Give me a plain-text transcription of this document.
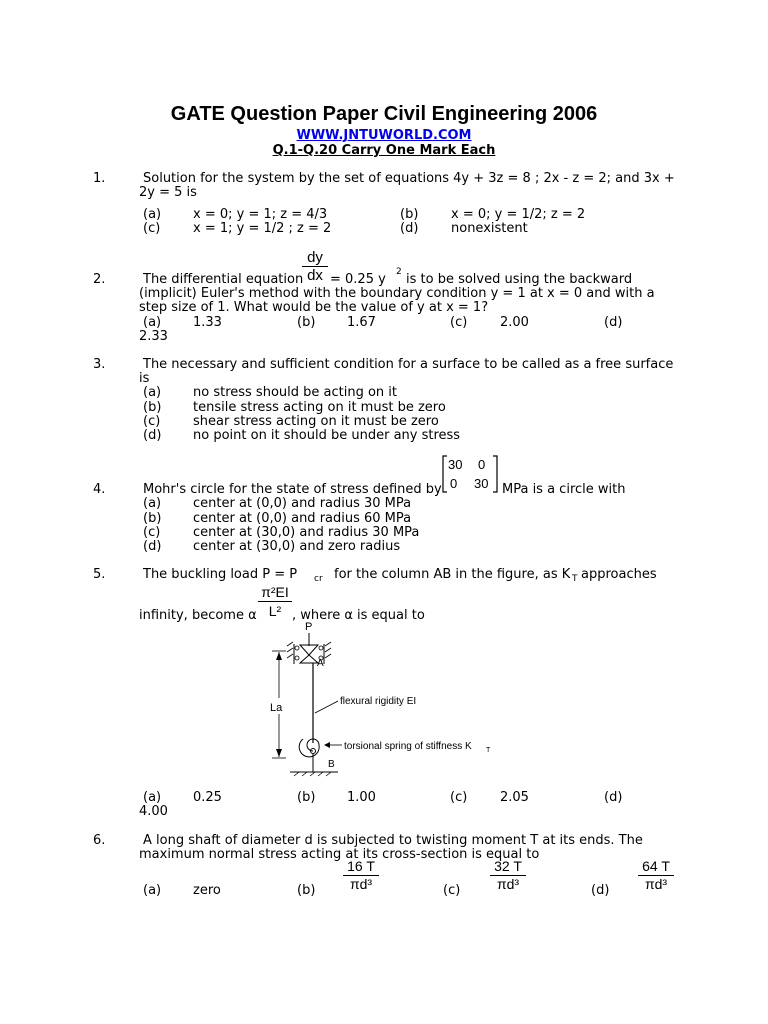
GATE Question Paper Civil Engineering 2006
WWW.JNTUWORLD.COM
Q.1-Q.20 Carry One Mark Each
1.	Solution for the system by the set of equations 4y + 3z = 8 ; 2x - z = 2; and 3x +
2y = 5 is
(a) x = 0; y = 1; z = 4/3	(b)	x = 0; y = 1/2; z = 2
(c)	x = 1; y = 1/2 ; z = 2	(d)	nonexistent
2.	The differential equation
$\frac{dy}{dx} = 0.25$ y 2 is to be solved using the backward
(implicit) Euler's method with the boundary condition y = 1 at x = 0 and with a
step size of 1. What would be the value of y at x = 1?
(a) 1.33	(b) 1.67	(c)	2.00	(d)
2.33
3.	The necessary and sufficient condition for a surface to be called as a free surface
is
(a) no stress should be acting on it
(b) tensile stress acting on it must be zero
(c)	shear stress acting on it must be zero
(d) no point on it should be under any stress
4.	Mohr's circle for the state of stress defined by
30 0
0 30 MPa is a circle with
(a) center at (0,0) and radius 30 MPa
(b) center at (0,0) and radius 60 MPa
(c)	center at (30,0) and radius 30 MPa
(d) center at (30,0) and zero radius
5.	The buckling load P = P cr for the column AB in the figure, as K T approaches
infinity, become α $\frac{\text{π²EI}}{\text{L²}}$ , where α is equal to
P
A
La
flexural rigidity EI
torsional spring of stiffness K T
B
(a) 0.25	(b) 1.00	(c)	2.05	(d)
4.00
6.	A long shaft of diameter d is subjected to twisting moment T at its ends. The
maximum normal stress acting at its cross-section is equal to
(a) zero	$(b) \frac{16 T}{\text{πd³}}$	$(c) \frac{32 T}{\text{πd³}}$	$(d) \frac{64 T}{\text{πd³}}$
